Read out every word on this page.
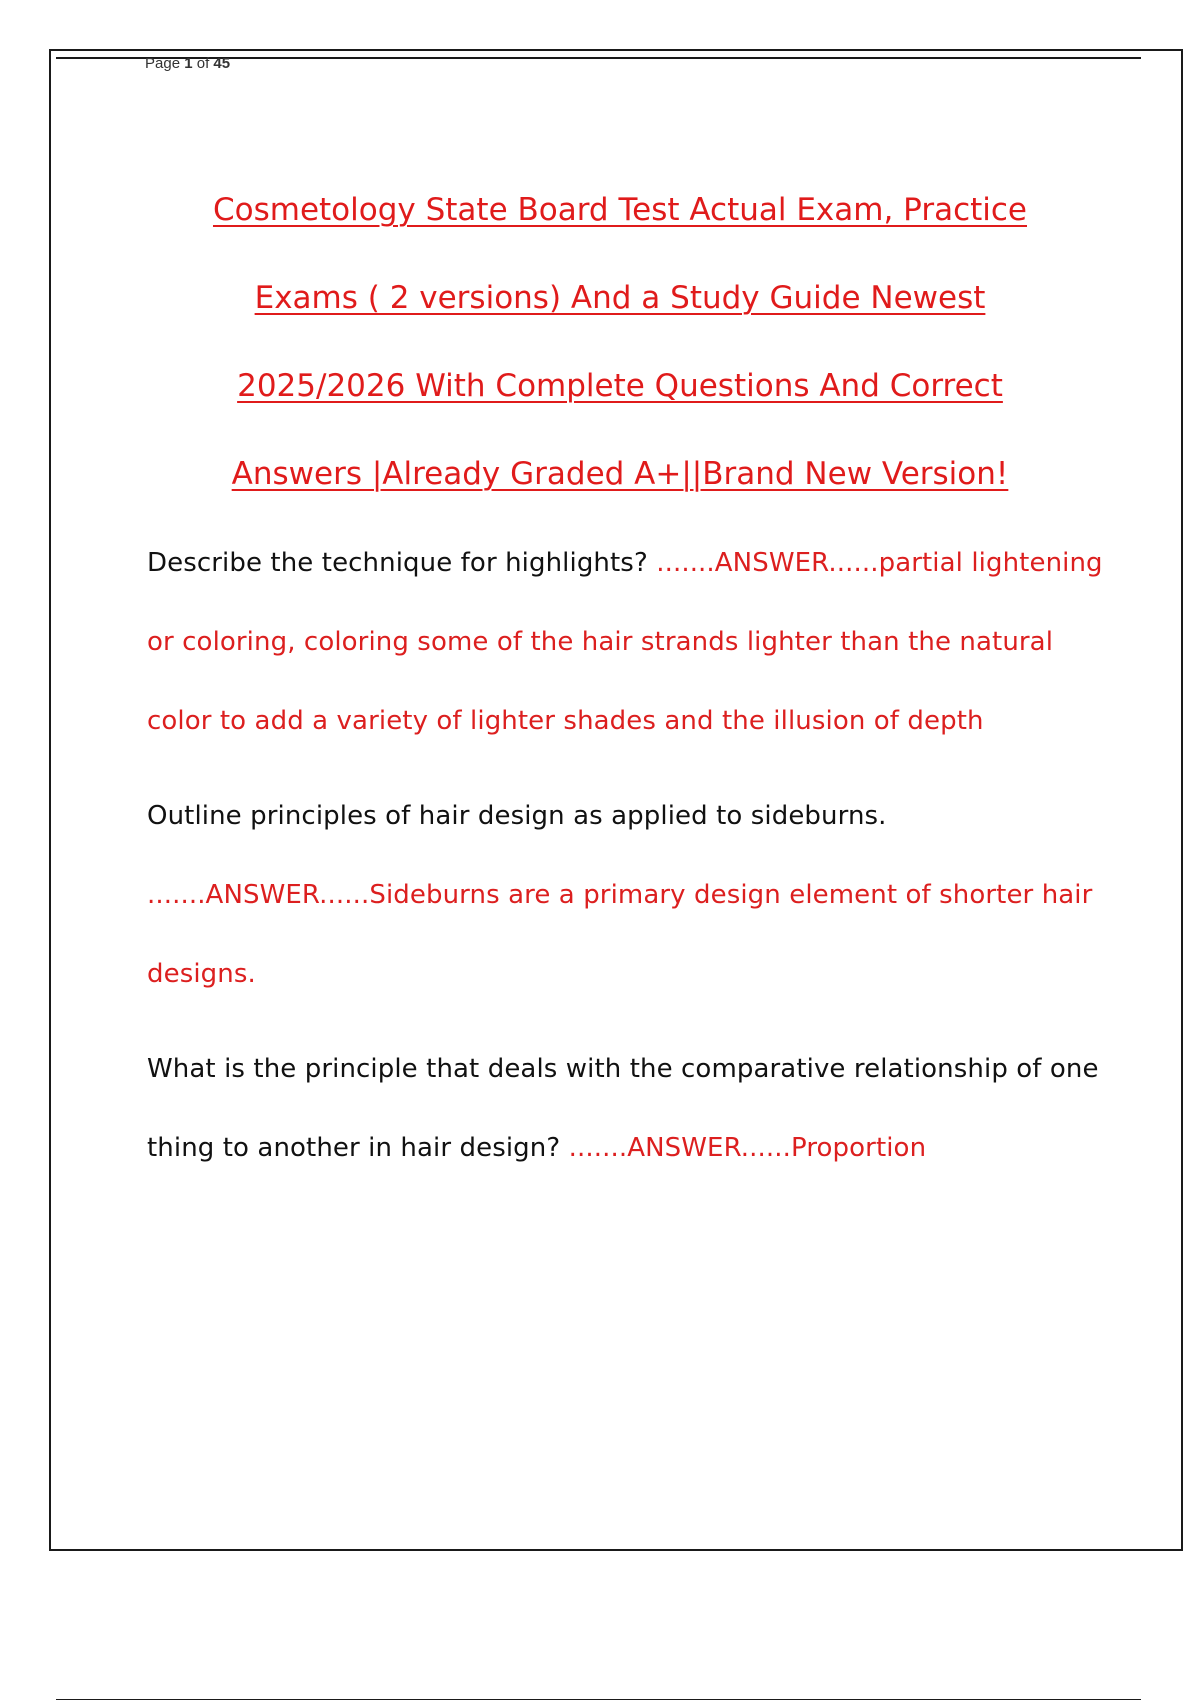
Page 1 of 45
Cosmetology State Board Test Actual Exam, Practice
Exams ( 2 versions) And a Study Guide Newest
2025/2026 With Complete Questions And Correct
Answers |Already Graded A+||Brand New Version!
Describe the technique for highlights? .......ANSWER......partial lightening or coloring, coloring some of the hair strands lighter than the natural color to add a variety of lighter shades and the illusion of depth
Outline principles of hair design as applied to sideburns. .......ANSWER......Sideburns are a primary design element of shorter hair designs.
What is the principle that deals with the comparative relationship of one thing to another in hair design? .......ANSWER......Proportion
